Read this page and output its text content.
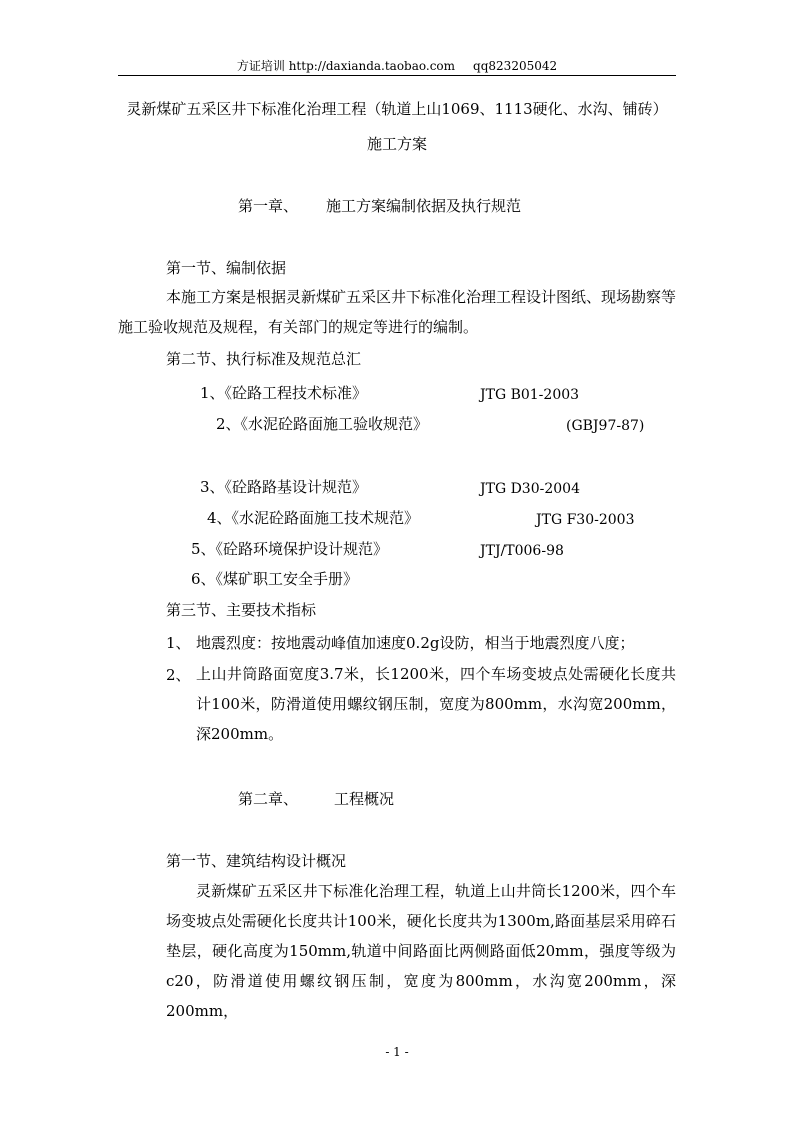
方证培训 http://daxianda.taobao.com qq823205042
灵新煤矿五采区井下标准化治理工程（轨道上山1069、1113硬化、水沟、铺砖）
施工方案
第一章、 施工方案编制依据及执行规范
第一节、编制依据
本施工方案是根据灵新煤矿五采区井下标准化治理工程设计图纸、现场勘察等施工验收规范及规程，有关部门的规定等进行的编制。
第二节、执行标准及规范总汇
1、《砼路工程技术标准》	JTG B01-2003
2、《水泥砼路面施工验收规范》	(GBJ97-87)
3、《砼路路基设计规范》	JTG D30-2004
4、《水泥砼路面施工技术规范》	JTG F30-2003
5、《砼路环境保护设计规范》	JTJ/T006-98
6、《煤矿职工安全手册》
第三节、主要技术指标
1、 地震烈度：按地震动峰值加速度0.2g设防，相当于地震烈度八度；
2、 上山井筒路面宽度3.7米，长1200米，四个车场变坡点处需硬化长度共计100米，防滑道使用螺纹钢压制，宽度为800mm，水沟宽200mm，深200mm。
第二章、 工程概况
第一节、建筑结构设计概况
灵新煤矿五采区井下标准化治理工程，轨道上山井筒长1200米，四个车场变坡点处需硬化长度共计100米，硬化长度共为1300m,路面基层采用碎石垫层，硬化高度为150mm,轨道中间路面比两侧路面低20mm，强度等级为c20，防滑道使用螺纹钢压制，宽度为800mm，水沟宽200mm，深200mm，
- 1 -
